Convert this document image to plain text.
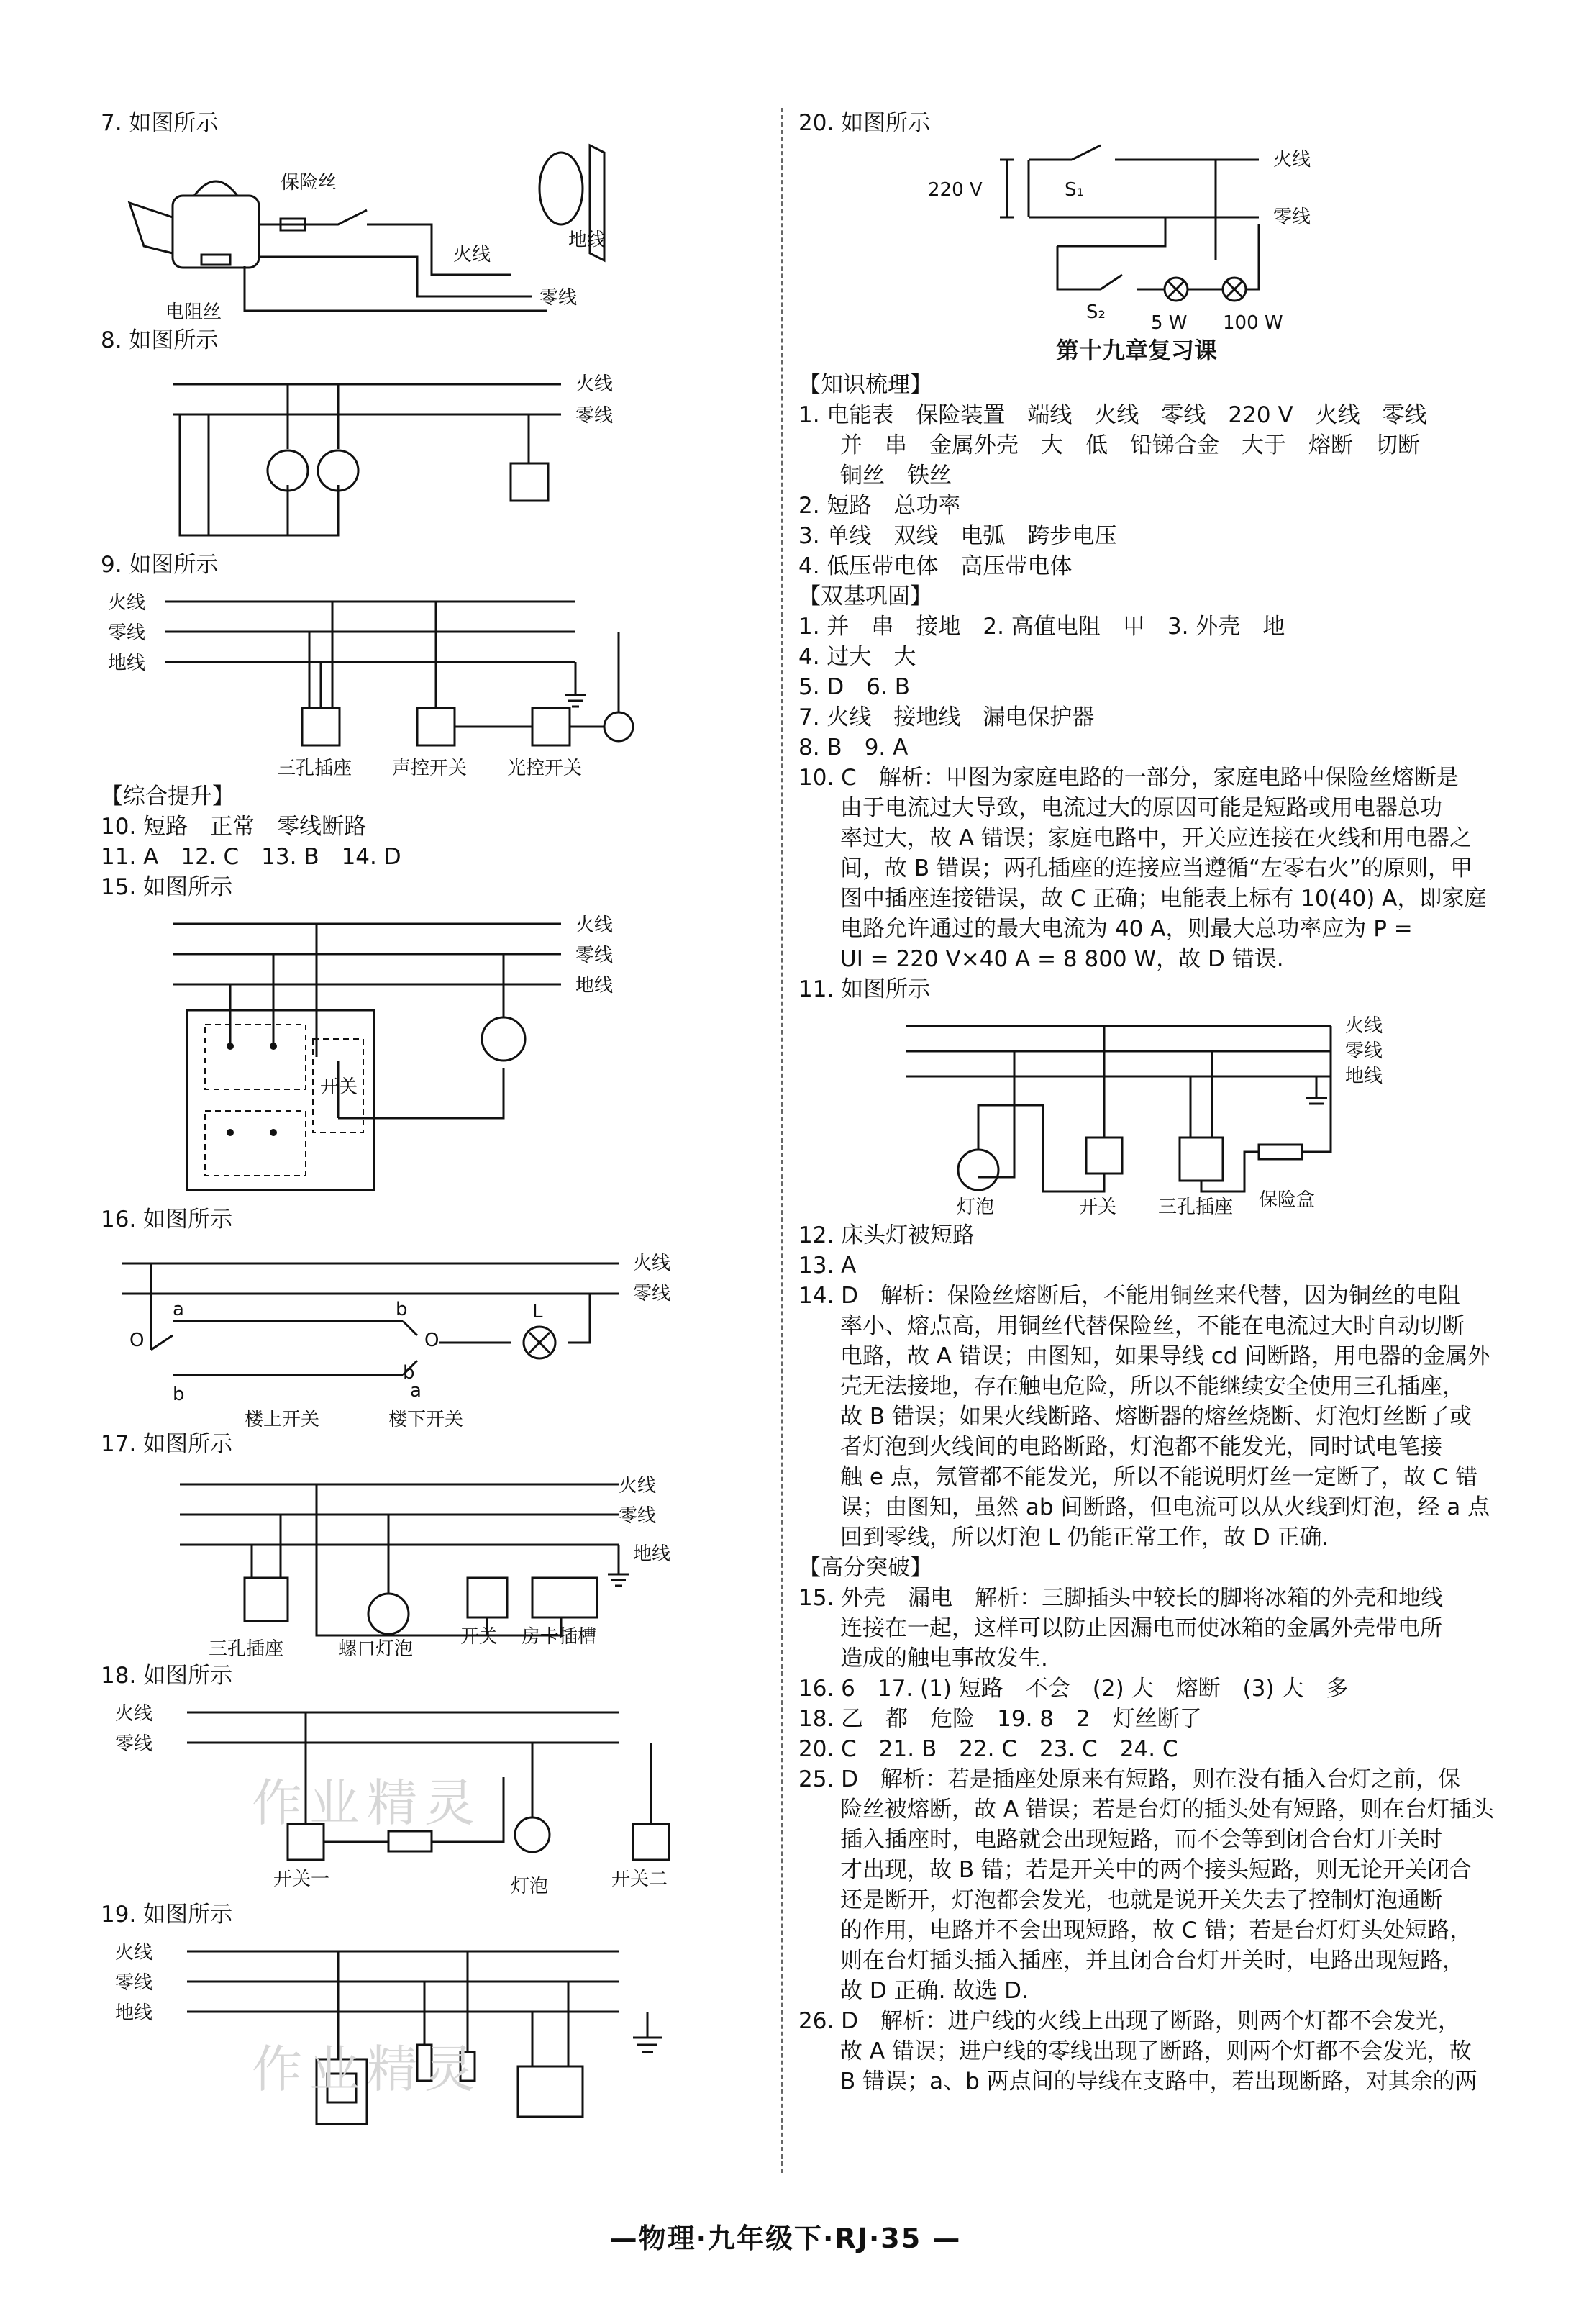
7. 如图所示
保险丝
火线
地线
零线
电阻丝
8. 如图所示
火线
零线
9. 如图所示
火线
零线
地线
三孔插座 声控开关 光控开关
【综合提升】
10. 短路　正常　零线断路
11. A　12. C　13. B　14. D
15. 如图所示
火线
零线
地线
开关
16. 如图所示
O
a
b
b
O
b
a
L
火线
零线
楼上开关	楼下开关
17. 如图所示
火线
零线
地线
三孔插座	螺口灯泡
开关 房卡插槽
18. 如图所示
火线
零线
开关一	灯泡	开关二
19. 如图所示
火线
零线
地线
20. 如图所示
火线
零线
220 V	S₁
S₂ 5 W 100 W
第十九章复习课
【知识梳理】
1. 电能表　保险装置　端线　火线　零线　220 V　火线　零线
并　串　金属外壳　大　低　铅锑合金　大于　熔断　切断
铜丝　铁丝
2. 短路　总功率
3. 单线　双线　电弧　跨步电压
4. 低压带电体　高压带电体
【双基巩固】
1. 并　串　接地　2. 高值电阻　甲　3. 外壳　地
4. 过大　大
5. D　6. B
7. 火线　接地线　漏电保护器
8. B　9. A
10. C　解析：甲图为家庭电路的一部分，家庭电路中保险丝熔断是
由于电流过大导致，电流过大的原因可能是短路或用电器总功
率过大，故 A 错误；家庭电路中，开关应连接在火线和用电器之
间，故 B 错误；两孔插座的连接应当遵循“左零右火”的原则，甲
图中插座连接错误，故 C 正确；电能表上标有 10(40) A，即家庭
电路允许通过的最大电流为 40 A，则最大总功率应为 P =
UI = 220 V×40 A = 8 800 W，故 D 错误.
11. 如图所示
火线
零线
地线
灯泡	开关 三孔插座 保险盒
12. 床头灯被短路
13. A
14. D　解析：保险丝熔断后，不能用铜丝来代替，因为铜丝的电阻
率小、熔点高，用铜丝代替保险丝，不能在电流过大时自动切断
电路，故 A 错误；由图知，如果导线 cd 间断路，用电器的金属外
壳无法接地，存在触电危险，所以不能继续安全使用三孔插座，
故 B 错误；如果火线断路、熔断器的熔丝烧断、灯泡灯丝断了或
者灯泡到火线间的电路断路，灯泡都不能发光，同时试电笔接
触 e 点，氖管都不能发光，所以不能说明灯丝一定断了，故 C 错
误；由图知，虽然 ab 间断路，但电流可以从火线到灯泡，经 a 点
回到零线，所以灯泡 L 仍能正常工作，故 D 正确.
【高分突破】
15. 外壳　漏电　解析：三脚插头中较长的脚将冰箱的外壳和地线
连接在一起，这样可以防止因漏电而使冰箱的金属外壳带电所
造成的触电事故发生.
16. 6　17. (1) 短路　不会　(2) 大　熔断　(3) 大　多
18. 乙　都　危险　19. 8　2　灯丝断了
20. C　21. B　22. C　23. C　24. C
25. D　解析：若是插座处原来有短路，则在没有插入台灯之前，保
险丝被熔断，故 A 错误；若是台灯的插头处有短路，则在台灯插头
插入插座时，电路就会出现短路，而不会等到闭合台灯开关时
才出现，故 B 错；若是开关中的两个接头短路，则无论开关闭合
还是断开，灯泡都会发光，也就是说开关失去了控制灯泡通断
的作用，电路并不会出现短路，故 C 错；若是台灯灯头处短路，
则在台灯插头插入插座，并且闭合台灯开关时，电路出现短路，
故 D 正确. 故选 D.
26. D　解析：进户线的火线上出现了断路，则两个灯都不会发光，
故 A 错误；进户线的零线出现了断路，则两个灯都不会发光，故
B 错误；a、b 两点间的导线在支路中，若出现断路，对其余的两
作业精灵
作业精灵
—物理·九年级下·RJ·35 —
